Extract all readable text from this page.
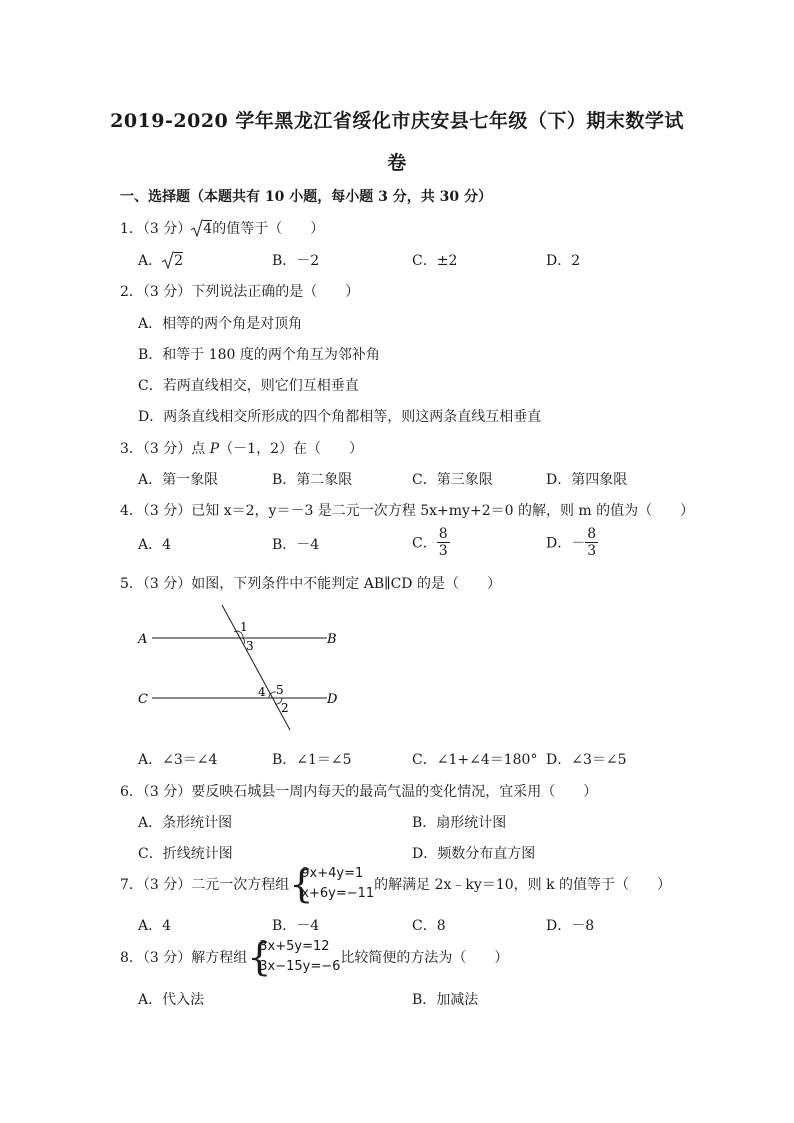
2019-2020 学年黑龙江省绥化市庆安县七年级（下）期末数学试
卷
一、选择题（本题共有 10 小题，每小题 3 分，共 30 分）
1．（3 分） 4的值等于（　　）
A． 2	B．－2	C．±2	D．2
2．（3 分）下列说法正确的是（　　）
A．相等的两个角是对顶角
B．和等于 180 度的两个角互为邻补角
C．若两直线相交，则它们互相垂直
D．两条直线相交所形成的四个角都相等，则这两条直线互相垂直
3．（3 分）点 P（－1，2）在（　　）
A．第一象限	B．第二象限	C．第三象限	D．第四象限
4．（3 分）已知 x＝2，y＝－3 是二元一次方程 5x+my+2＝0 的解，则 m 的值为（　　）
A．4	B．－4	C． $\frac{8}{3}$	D．－ $\frac{8}{3}$
5．（3 分）如图，下列条件中不能判定 AB∥CD 的是（　　）
A	B
C	D
1
3
4 5
2
A．∠3＝∠4	B．∠1＝∠5	C．∠1+∠4＝180° D．∠3＝∠5
6．（3 分）要反映石城县一周内每天的最高气温的变化情况，宜采用（　　）
A．条形统计图	B．扇形统计图
C．折线统计图	D．频数分布直方图
7．（3 分）二元一次方程组 {
9x+4y=1
x+6y=−11
的解满足 2x﹣ky＝10，则 k 的值等于（　　）
A．4	B．－4	C．8	D．－8
8．（3 分）解方程组 {
3x+5y=12
3x−15y=−6
比较简便的方法为（　　）
A．代入法	B．加减法
